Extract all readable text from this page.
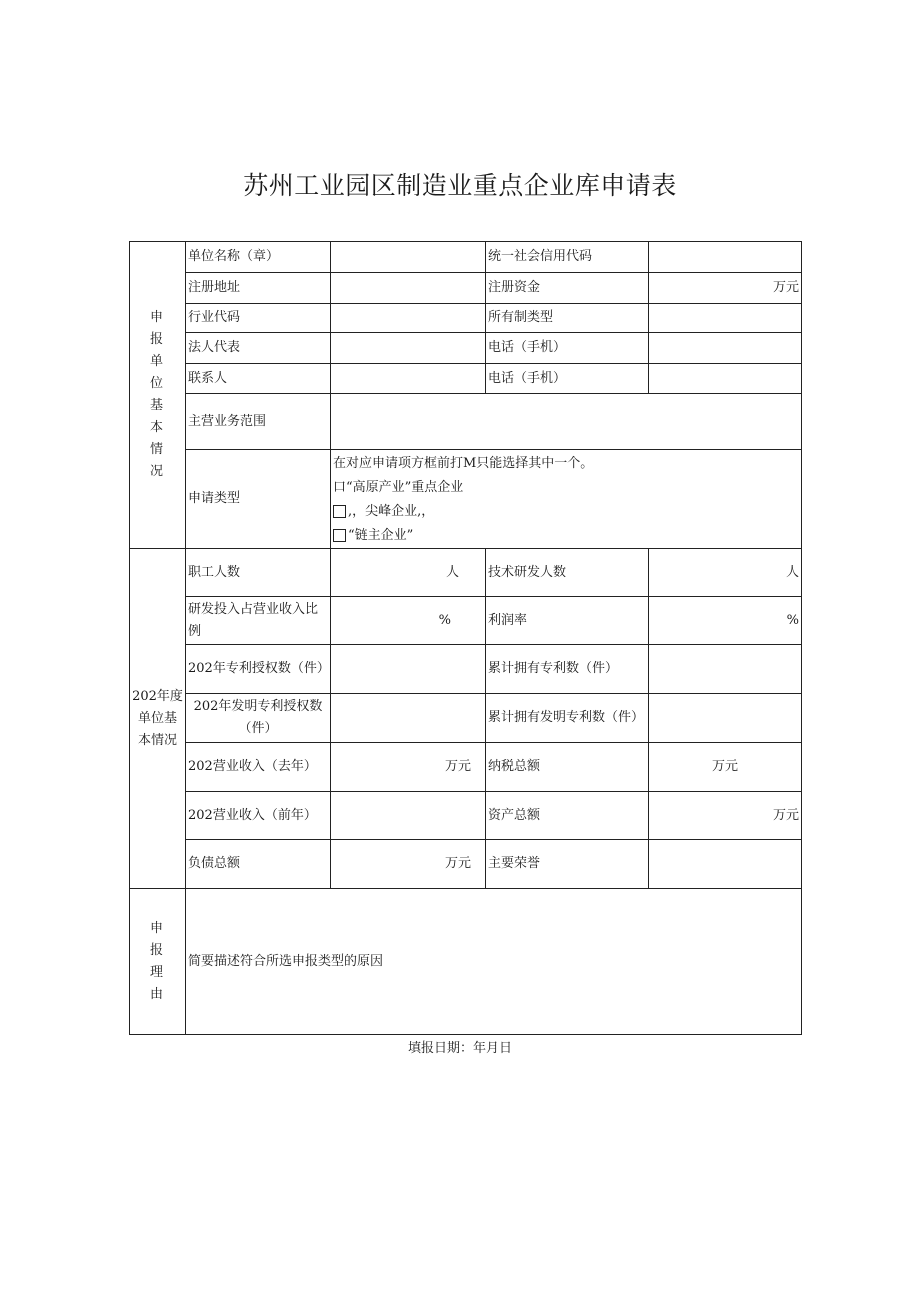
苏州工业园区制造业重点企业库申请表
申报单位基本情况	单位名称（章）		统一社会信用代码	
	注册地址		注册资金	万元
	行业代码		所有制类型	
	法人代表		电话（手机）	
	联系人		电话（手机）	
	主营业务范围			
	申请类型	在对应申请项方框前打M只能选择其中一个。
口“高原产业”重点企业
,，尖峰企业,，
“链主企业”		

202年度单位基本情况	职工人数	人	技术研发人数	人
	研发投入占营业收入比例	%	利润率	%
	202年专利授权数（件）		累计拥有专利数（件）	
	202年发明专利授权数（件）		累计拥有发明专利数（件）	
	202营业收入（去年）	万元	纳税总额	万元
	202营业收入（前年）		资产总额	万元
	负债总额	万元	主要荣誉	
申报理由	简要描述符合所选申报类型的原因			
填报日期：年月日
